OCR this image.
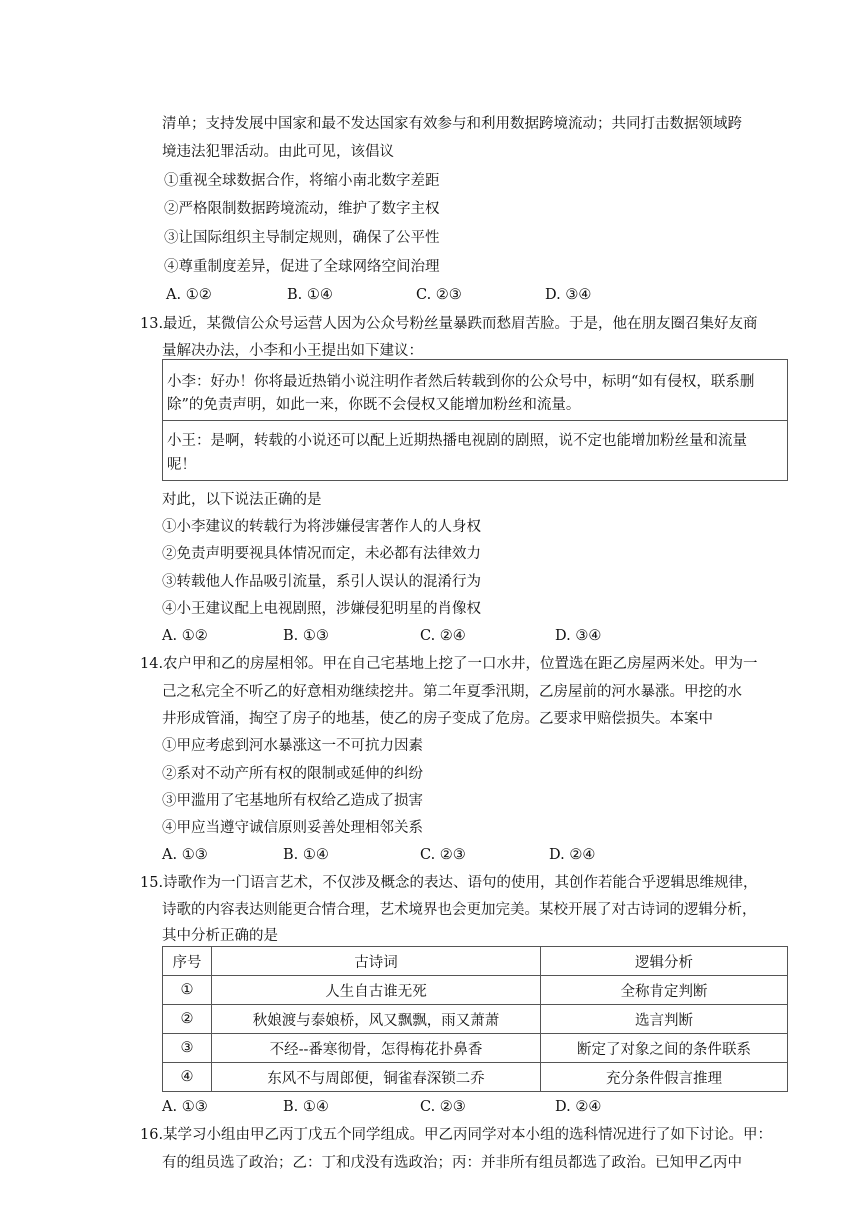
清单；支持发展中国家和最不发达国家有效参与和利用数据跨境流动；共同打击数据领域跨
境违法犯罪活动。由此可见，该倡议
①重视全球数据合作，将缩小南北数字差距
②严格限制数据跨境流动，维护了数字主权
③让国际组织主导制定规则，确保了公平性
④尊重制度差异，促进了全球网络空间治理
A. ①②	B. ①④	C. ②③	D. ③④
13.最近，某微信公众号运营人因为公众号粉丝量暴跌而愁眉苦脸。于是，他在朋友圈召集好友商
量解决办法，小李和小王提出如下建议：
小李：好办！你将最近热销小说注明作者然后转载到你的公众号中，标明“如有侵权，联系删
除”的免责声明，如此一来，你既不会侵权又能增加粉丝和流量。
小王：是啊，转载的小说还可以配上近期热播电视剧的剧照，说不定也能增加粉丝量和流量
呢！
对此，以下说法正确的是
①小李建议的转载行为将涉嫌侵害著作人的人身权
②免责声明要视具体情况而定，未必都有法律效力
③转载他人作品吸引流量，系引人误认的混淆行为
④小王建议配上电视剧照，涉嫌侵犯明星的肖像权
A. ①②	B. ①③	C. ②④	D. ③④
14.农户甲和乙的房屋相邻。甲在自己宅基地上挖了一口水井，位置选在距乙房屋两米处。甲为一
己之私完全不听乙的好意相劝继续挖井。第二年夏季汛期，乙房屋前的河水暴涨。甲挖的水
井形成管涌，掏空了房子的地基，使乙的房子变成了危房。乙要求甲赔偿损失。本案中
①甲应考虑到河水暴涨这一不可抗力因素
②系对不动产所有权的限制或延伸的纠纷
③甲滥用了宅基地所有权给乙造成了损害
④甲应当遵守诚信原则妥善处理相邻关系
A. ①③	B. ①④	C. ②③	D. ②④
15.诗歌作为一门语言艺术，不仅涉及概念的表达、语句的使用，其创作若能合乎逻辑思维规律，
诗歌的内容表达则能更合情合理，艺术境界也会更加完美。某校开展了对古诗词的逻辑分析，
其中分析正确的是
序号	古诗词	逻辑分析
①	人生自古谁无死	全称肯定判断
②	秋娘渡与泰娘桥，风又飘飘，雨又萧萧	选言判断
③	不经--番寒彻骨，怎得梅花扑鼻香	断定了对象之间的条件联系
④	东风不与周郎便，铜雀春深锁二乔	充分条件假言推理
A. ①③	B. ①④	C. ②③	D. ②④
16.某学习小组由甲乙丙丁戊五个同学组成。甲乙丙同学对本小组的选科情况进行了如下讨论。甲：
有的组员选了政治；乙：丁和戊没有选政治；丙：并非所有组员都选了政治。已知甲乙丙中
